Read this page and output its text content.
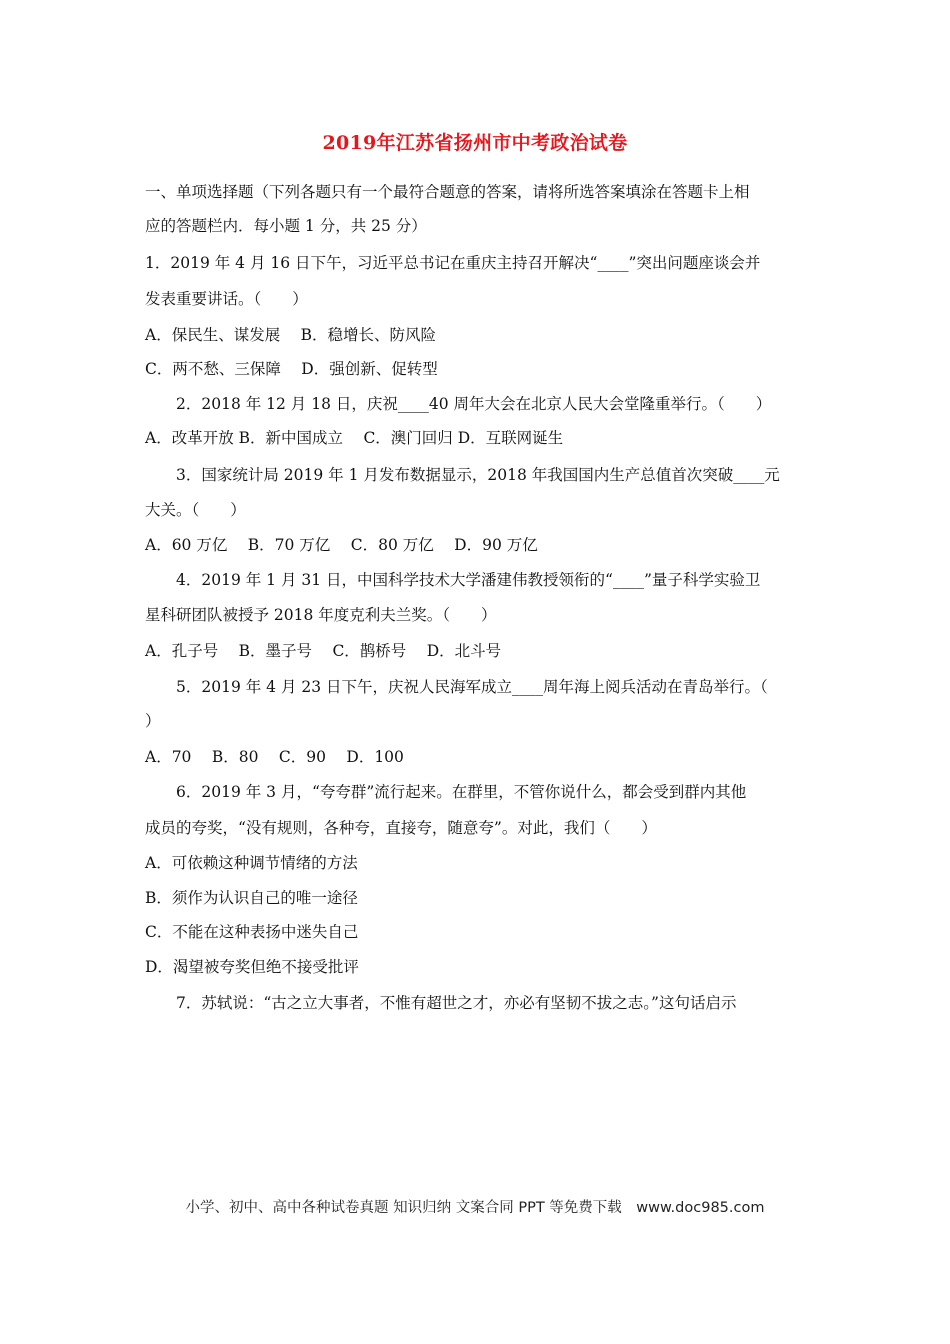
2019年江苏省扬州市中考政治试卷
一、单项选择题（下列各题只有一个最符合题意的答案，请将所选答案填涂在答题卡上相
应的答题栏内．每小题 1 分，共 25 分）
1．2019 年 4 月 16 日下午，习近平总书记在重庆主持召开解决“____”突出问题座谈会并
发表重要讲话。（　　）
A．保民生、谋发展　 B．稳增长、防风险
C．两不愁、三保障　 D．强创新、促转型
2．2018 年 12 月 18 日，庆祝____40 周年大会在北京人民大会堂隆重举行。（　　）
A．改革开放 B．新中国成立　 C．澳门回归 D．互联网诞生
3．国家统计局 2019 年 1 月发布数据显示，2018 年我国国内生产总值首次突破____元
大关。（　　）
A．60 万亿　 B．70 万亿　 C．80 万亿　 D．90 万亿
4．2019 年 1 月 31 日，中国科学技术大学潘建伟教授领衔的“____”量子科学实验卫
星科研团队被授予 2018 年度克利夫兰奖。（　　）
A．孔子号　 B．墨子号　 C．鹊桥号　 D．北斗号
5．2019 年 4 月 23 日下午，庆祝人民海军成立____周年海上阅兵活动在青岛举行。（
）
A．70　 B．80　 C．90　 D．100
6．2019 年 3 月，“夸夸群”流行起来。在群里，不管你说什么，都会受到群内其他
成员的夸奖，“没有规则，各种夸，直接夸，随意夸”。对此，我们（　　）
A．可依赖这种调节情绪的方法
B．须作为认识自己的唯一途径
C．不能在这种表扬中迷失自己
D．渴望被夸奖但绝不接受批评
7．苏轼说：“古之立大事者，不惟有超世之才，亦必有坚韧不拔之志。”这句话启示
小学、初中、高中各种试卷真题 知识归纳 文案合同 PPT 等免费下载　www.doc985.com
